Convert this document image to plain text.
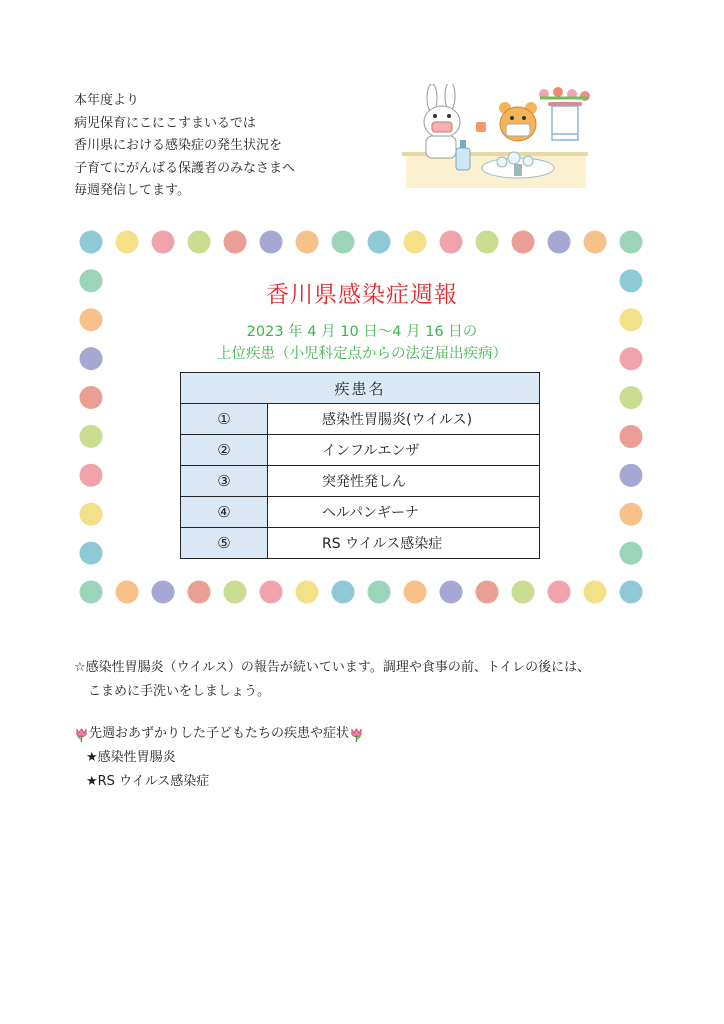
本年度より
病児保育にこにこすまいるでは
香川県における感染症の発生状況を
子育てにがんばる保護者のみなさまへ
毎週発信してます。
香川県感染症週報
2023 年 4 月 10 日～4 月 16 日の
上位疾患（小児科定点からの法定届出疾病）
疾患名	
①	感染性胃腸炎(ウイルス)
②	インフルエンザ
③	突発性発しん
④	ヘルパンギーナ
⑤	RS ウイルス感染症
☆感染性胃腸炎（ウイルス）の報告が続いています。調理や食事の前、トイレの後には、
こまめに手洗いをしましょう。
先週おあずかりした子どもたちの疾患や症状
★感染性胃腸炎
★RS ウイルス感染症
